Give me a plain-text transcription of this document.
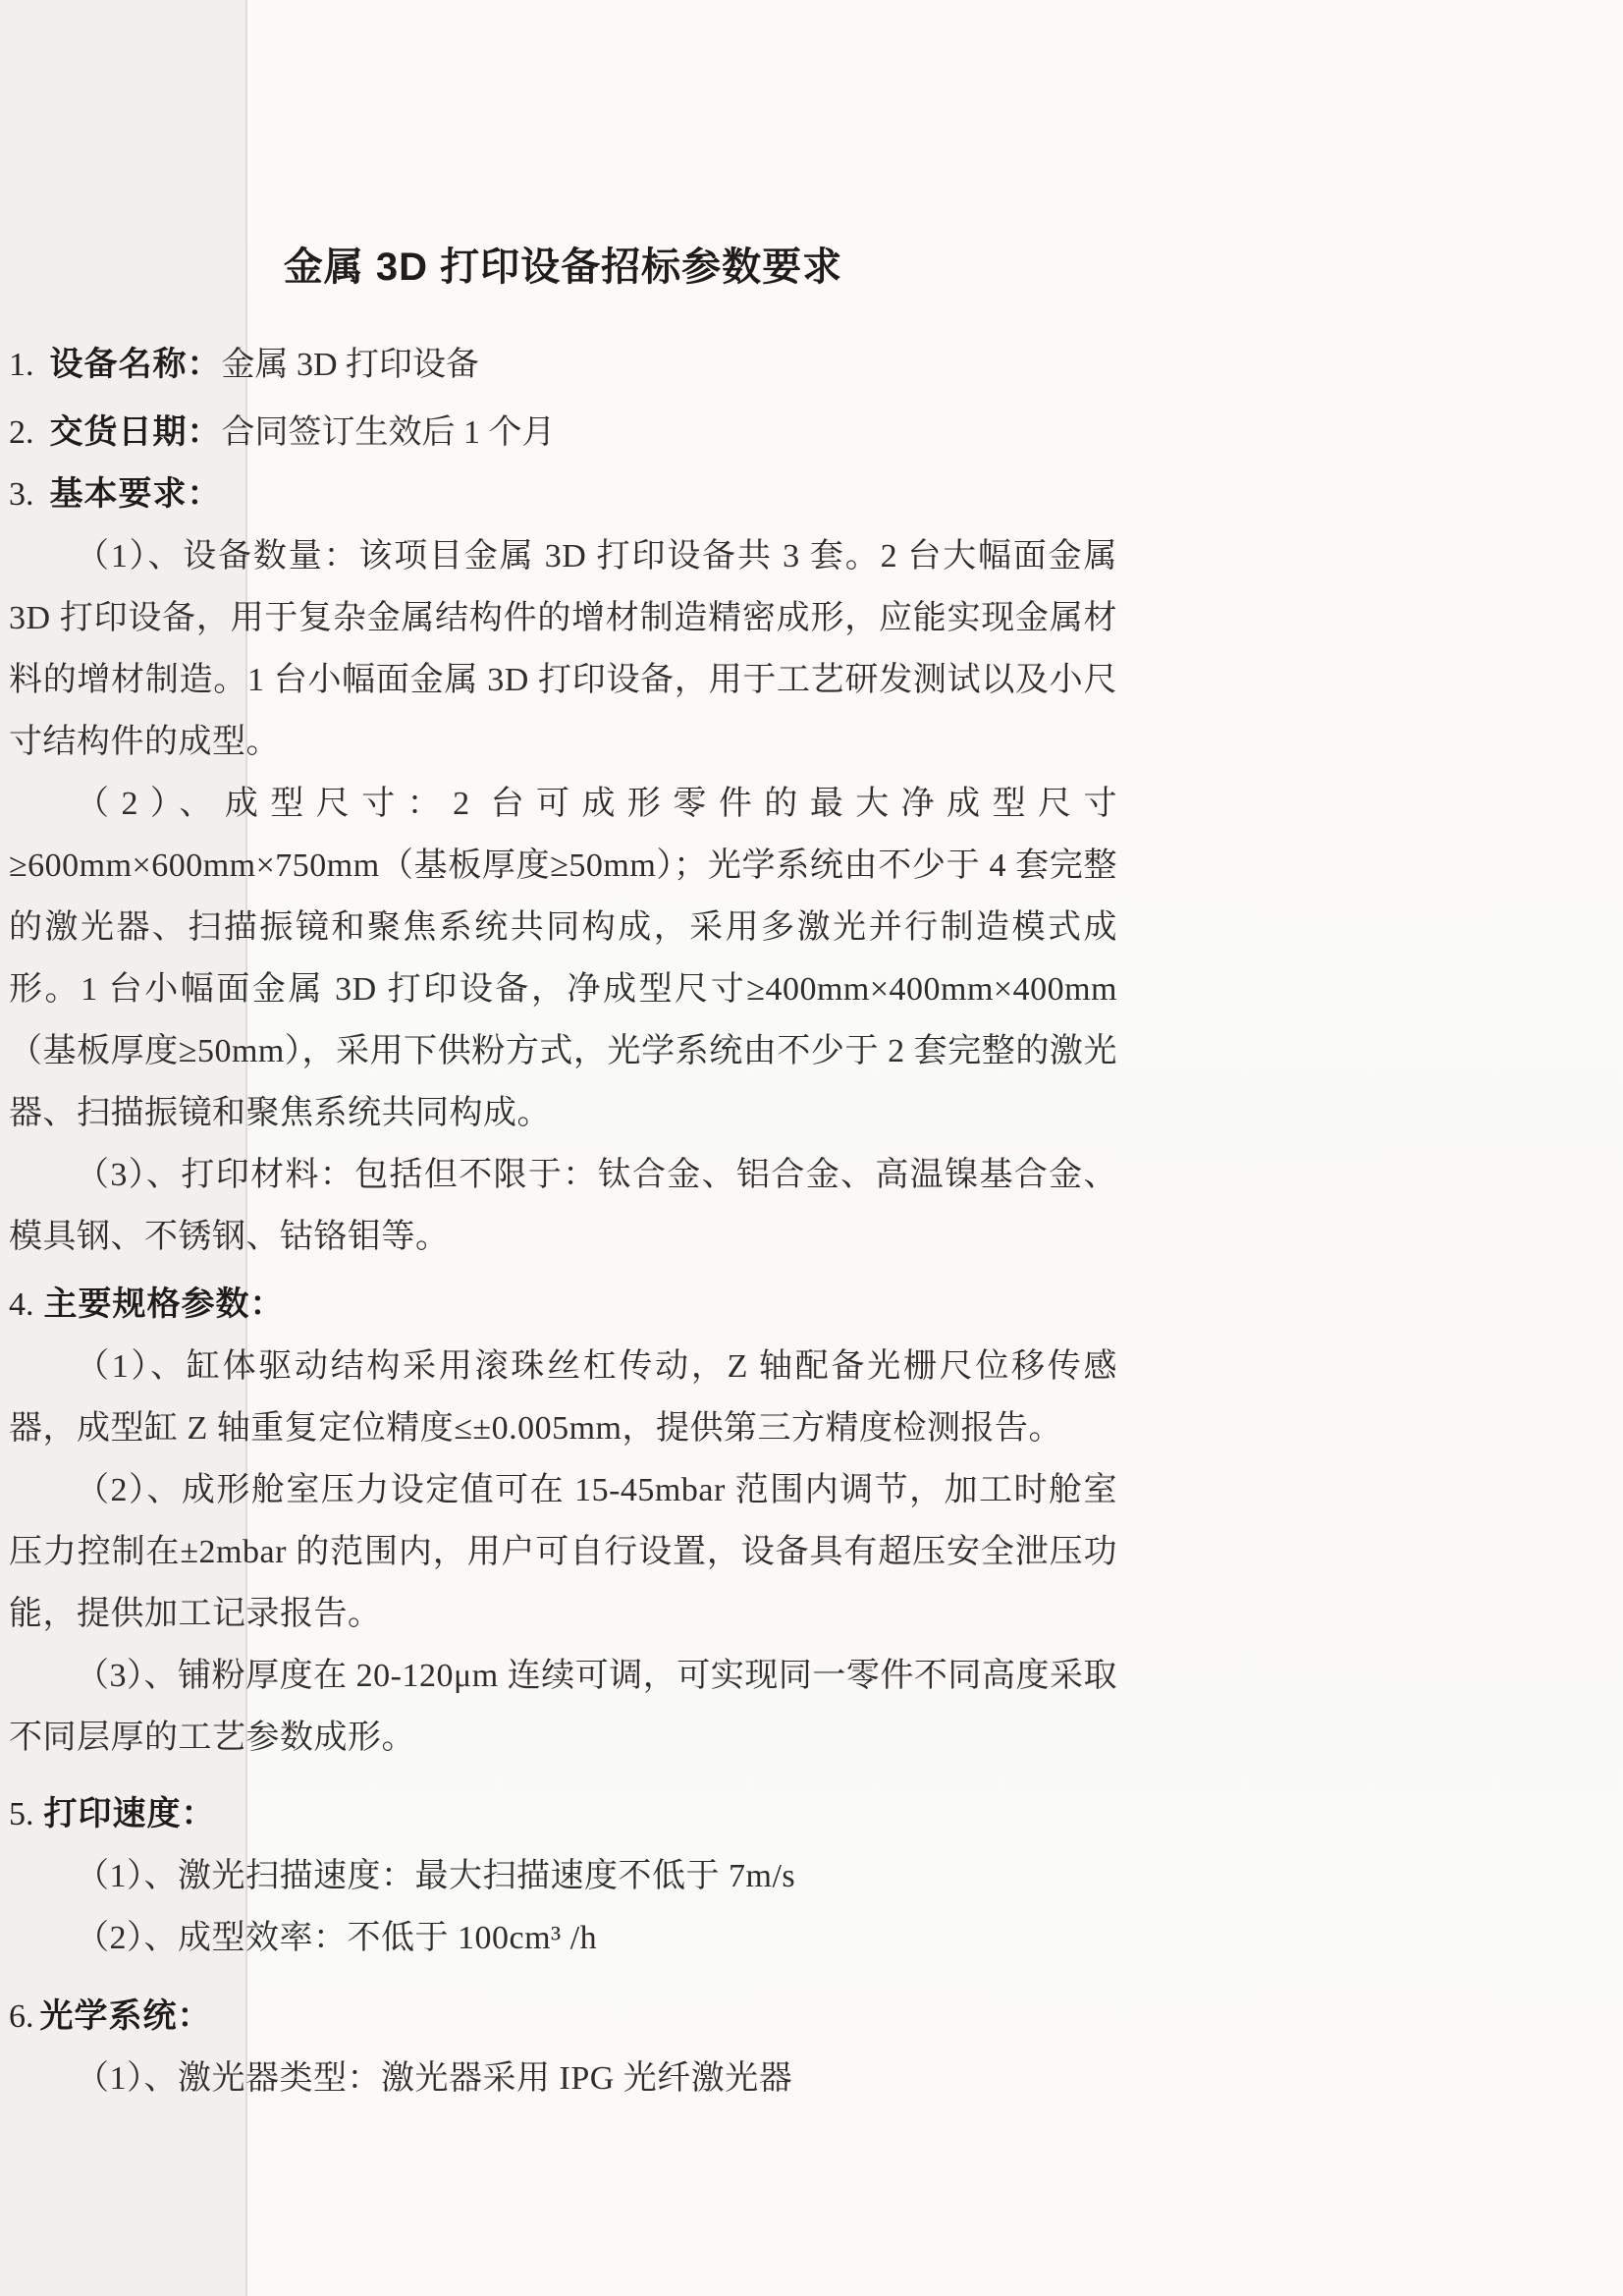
金属 3D 打印设备招标参数要求
1. 设备名称：金属 3D 打印设备
2. 交货日期：合同签订生效后 1 个月
3. 基本要求：

（1）、设备数量：该项目金属 3D 打印设备共 3 套。2 台大幅面金属 3D 打印设备，用于复杂金属结构件的增材制造精密成形，应能实现金属材料的增材制造。1 台小幅面金属 3D 打印设备，用于工艺研发测试以及小尺寸结构件的成型。

（2）、成型尺寸：2 台可成形零件的最大净成型尺寸≥600mm×600mm×750mm（基板厚度≥50mm）；光学系统由不少于 4 套完整的激光器、扫描振镜和聚焦系统共同构成，采用多激光并行制造模式成形。1 台小幅面金属 3D 打印设备，净成型尺寸≥400mm×400mm×400mm（基板厚度≥50mm），采用下供粉方式，光学系统由不少于 2 套完整的激光器、扫描振镜和聚焦系统共同构成。

（3）、打印材料：包括但不限于：钛合金、铝合金、高温镍基合金、模具钢、不锈钢、钴铬钼等。

4. 主要规格参数：

（1）、缸体驱动结构采用滚珠丝杠传动，Z 轴配备光栅尺位移传感器，成型缸 Z 轴重复定位精度≤±0.005mm，提供第三方精度检测报告。

（2）、成形舱室压力设定值可在 15-45mbar 范围内调节，加工时舱室压力控制在±2mbar 的范围内，用户可自行设置，设备具有超压安全泄压功能，提供加工记录报告。

（3）、铺粉厚度在 20-120μm 连续可调，可实现同一零件不同高度采取不同层厚的工艺参数成形。

5. 打印速度：

（1）、激光扫描速度：最大扫描速度不低于 7m/s

（2）、成型效率：不低于 100cm³ /h

6. 光学系统：

（1）、激光器类型：激光器采用 IPG 光纤激光器
